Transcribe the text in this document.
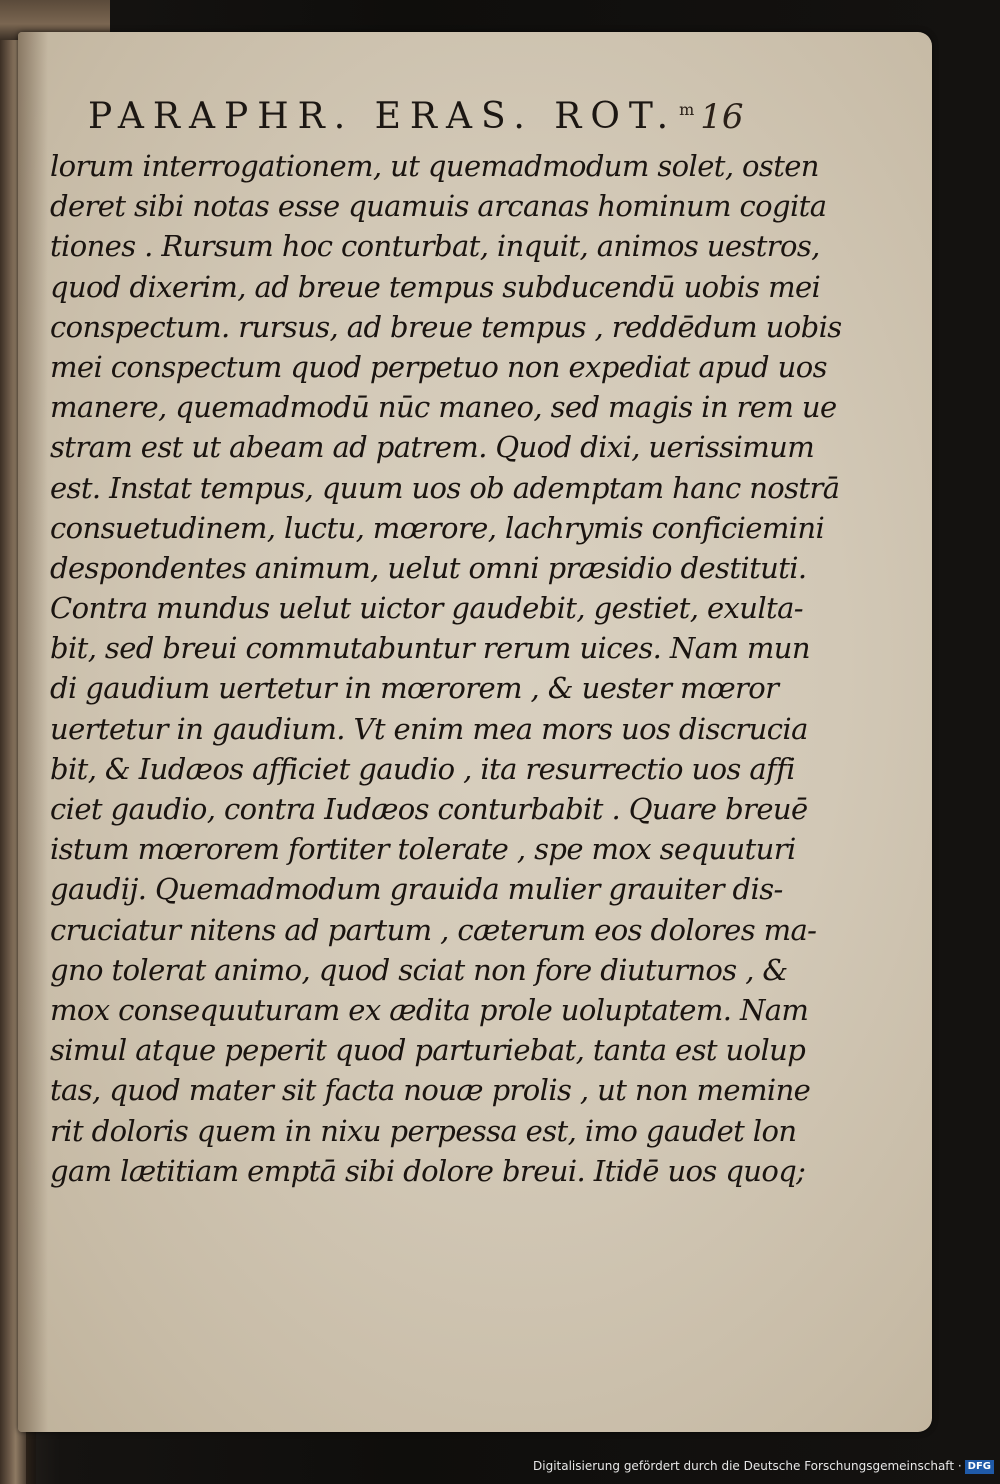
PARAPHR. ERAS. ROT. $^m$ 16
lorum interrogationem, ut quemadmodum solet, osten
deret sibi notas esse quamuis arcanas hominum cogita
tiones . Rursum hoc conturbat, inquit, animos uestros,
quod dixerim, ad breue tempus subducendū uobis mei
conspectum. rursus, ad breue tempus , reddēdum uobis
mei conspectum quod perpetuo non expediat apud uos
manere, quemadmodū nūc maneo, sed magis in rem ue
stram est ut abeam ad patrem. Quod dixi, uerissimum
est. Instat tempus, quum uos ob ademptam hanc nostrā
consuetudinem, luctu, mœrore, lachrymis conficiemini
despondentes animum, uelut omni præsidio destituti.
Contra mundus uelut uictor gaudebit, gestiet, exulta-
bit, sed breui commutabuntur rerum uices. Nam mun
di gaudium uertetur in mœrorem , & uester mœror
uertetur in gaudium. Vt enim mea mors uos discrucia
bit, & Iudæos afficiet gaudio , ita resurrectio uos affi
ciet gaudio, contra Iudæos conturbabit . Quare breuē
istum mœrorem fortiter tolerate , spe mox sequuturi
gaudij. Quemadmodum grauida mulier grauiter dis-
cruciatur nitens ad partum , cæterum eos dolores ma-
gno tolerat animo, quod sciat non fore diuturnos , &
mox consequuturam ex ædita prole uoluptatem. Nam
simul atque peperit quod parturiebat, tanta est uolup
tas, quod mater sit facta nouæ prolis , ut non memine
rit doloris quem in nixu perpessa est, imo gaudet lon
gam lætitiam emptā sibi dolore breui. Itidē uos quoq;
Digitalisierung gefördert durch die Deutsche Forschungsgemeinschaft · DFG
